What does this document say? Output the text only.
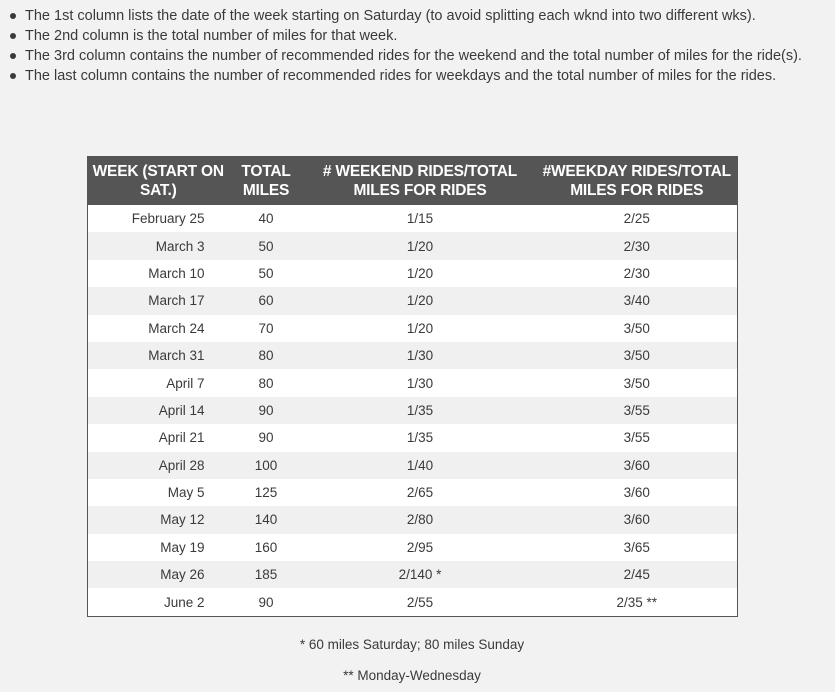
The 1st column lists the date of the week starting on Saturday (to avoid splitting each wknd into two different wks).
The 2nd column is the total number of miles for that week.
The 3rd column contains the number of recommended rides for the weekend and the total number of miles for the ride(s).
The last column contains the number of recommended rides for weekdays and the total number of miles for the rides.
WEEK (START ON SAT.)	TOTAL MILES	# WEEKEND RIDES/TOTAL MILES FOR RIDES	#WEEKDAY RIDES/TOTAL MILES FOR RIDES
February 25	40	1/15	2/25
March 3	50	1/20	2/30
March 10	50	1/20	2/30
March 17	60	1/20	3/40
March 24	70	1/20	3/50
March 31	80	1/30	3/50
April 7	80	1/30	3/50
April 14	90	1/35	3/55
April 21	90	1/35	3/55
April 28	100	1/40	3/60
May 5	125	2/65	3/60
May 12	140	2/80	3/60
May 19	160	2/95	3/65
May 26	185	2/140 *	2/45
June 2	90	2/55	2/35 **
* 60 miles Saturday; 80 miles Sunday
** Monday-Wednesday
